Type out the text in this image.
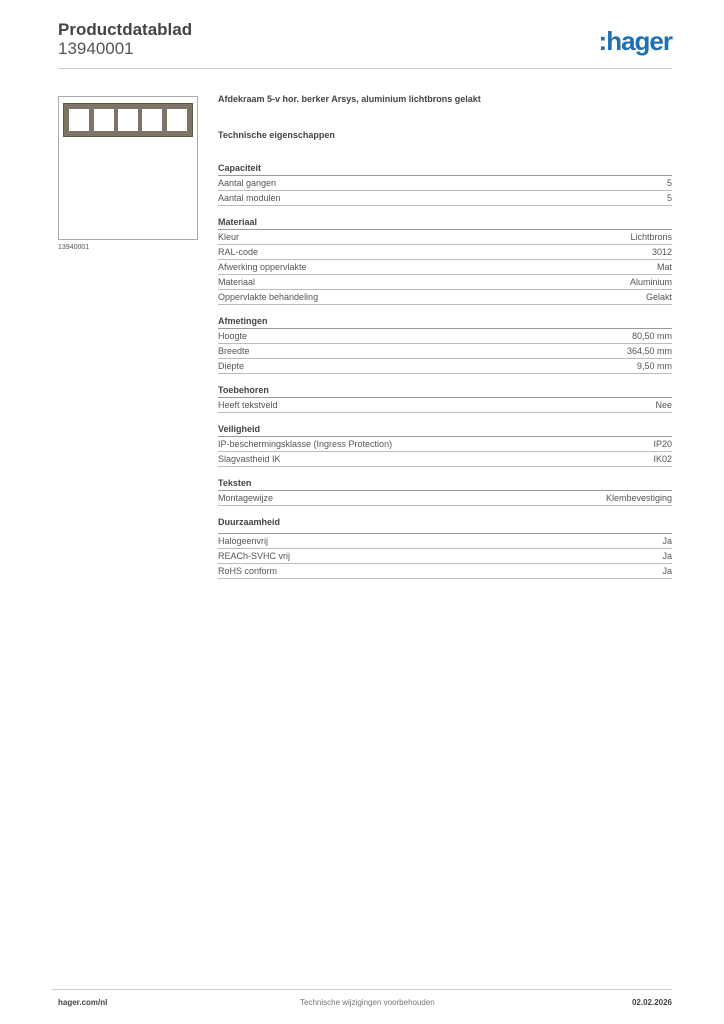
Productdatablad
13940001	:hager
13940001
Afdekraam 5-v hor. berker Arsys, aluminium lichtbrons gelakt
Technische eigenschappen
Capaciteit
Aantal gangen	5
Aantal modulen	5
Materiaal
Kleur	Lichtbrons
RAL-code	3012
Afwerking oppervlakte	Mat
Materiaal	Aluminium
Oppervlakte behandeling	Gelakt
Afmetingen
Hoogte	80,50 mm
Breedte	364,50 mm
Diepte	9,50 mm
Toebehoren
Heeft tekstveld	Nee
Veiligheid
IP-beschermingsklasse (Ingress Protection)	IP20
Slagvastheid IK	IK02
Teksten
Montagewijze	Klembevestiging
Duurzaamheid
Halogeenvrij	Ja
REACh-SVHC vrij	Ja
RoHS conform	Ja
hager.com/nl	Technische wijzigingen voorbehouden	02.02.2026
